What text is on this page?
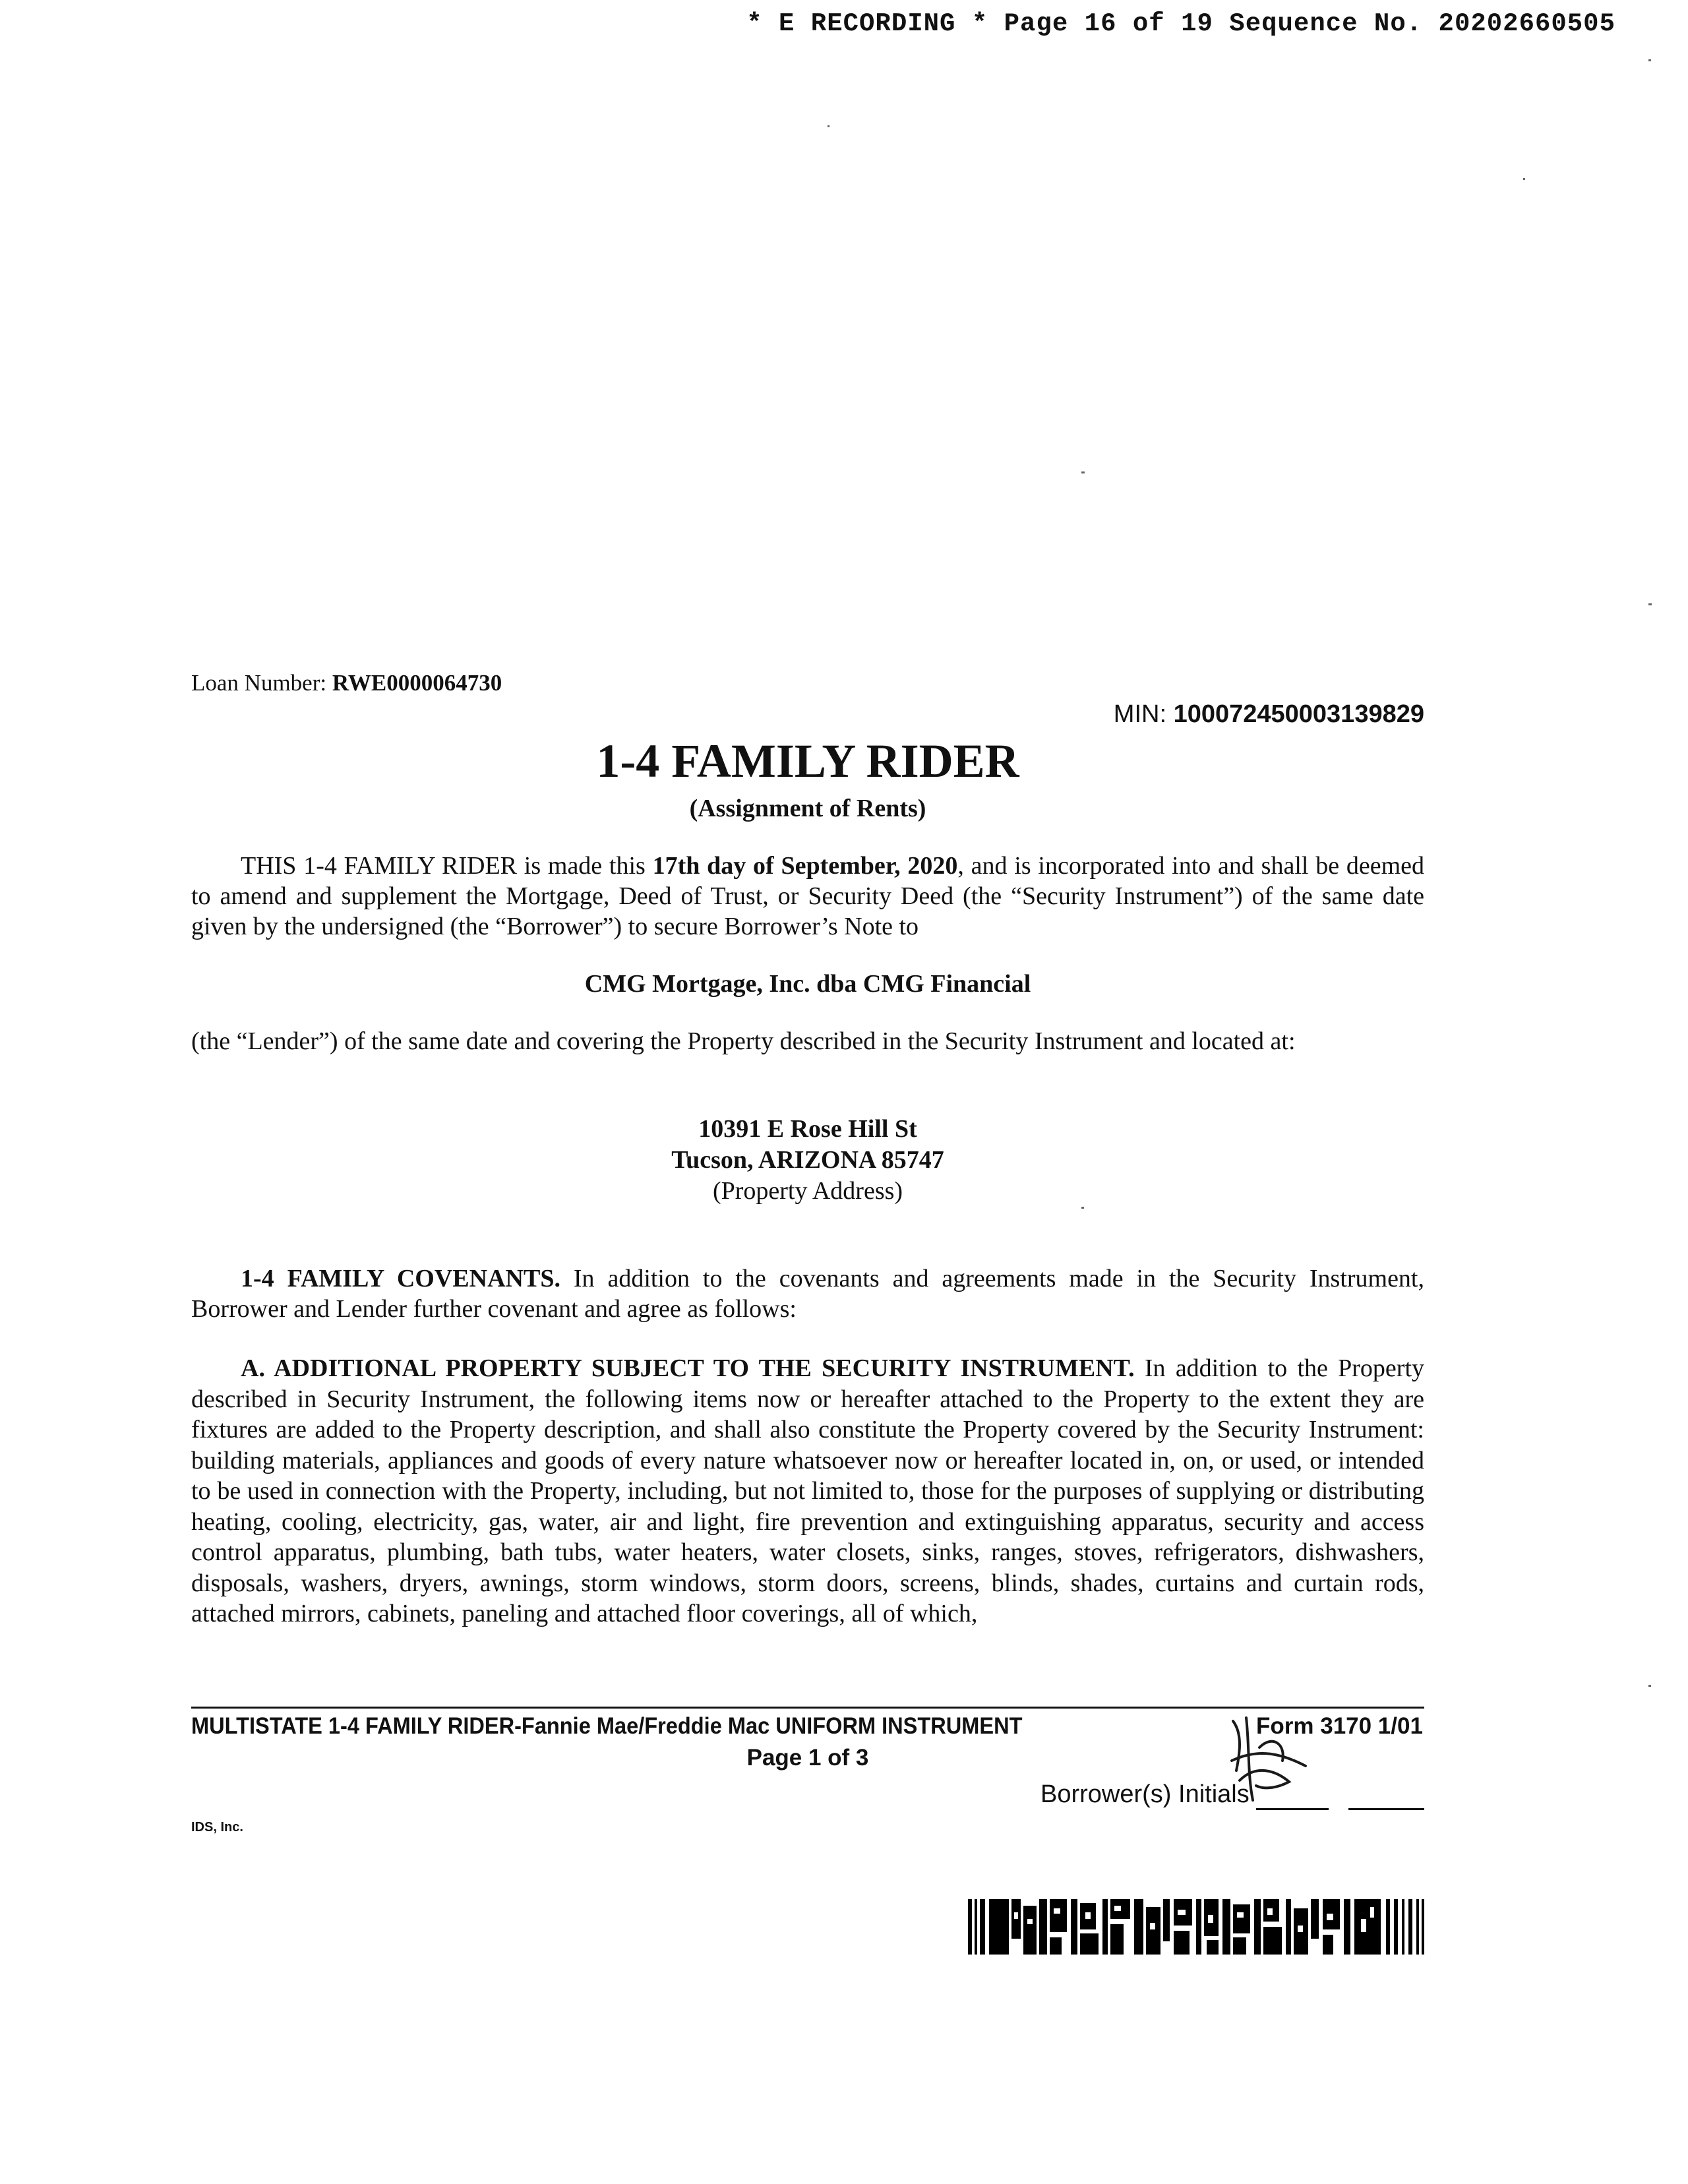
* E RECORDING * Page 16 of 19 Sequence No. 20202660505
Loan Number: RWE0000064730
MIN: 100072450003139829
1-4 FAMILY RIDER
(Assignment of Rents)
THIS 1-4 FAMILY RIDER is made this 17th day of September, 2020, and is incorporated into and shall be deemed to amend and supplement the Mortgage, Deed of Trust, or Security Deed (the “Security Instrument”) of the same date given by the undersigned (the “Borrower”) to secure Borrower’s Note to
CMG Mortgage, Inc. dba CMG Financial
(the “Lender”) of the same date and covering the Property described in the Security Instrument and located at:
10391 E Rose Hill St
Tucson, ARIZONA 85747
(Property Address)
1-4 FAMILY COVENANTS. In addition to the covenants and agreements made in the Security Instrument, Borrower and Lender further covenant and agree as follows:
A. ADDITIONAL PROPERTY SUBJECT TO THE SECURITY INSTRUMENT. In addition to the Property described in Security Instrument, the following items now or hereafter attached to the Property to the extent they are fixtures are added to the Property description, and shall also constitute the Property covered by the Security Instrument: building materials, appliances and goods of every nature whatsoever now or hereafter located in, on, or used, or intended to be used in connection with the Property, including, but not limited to, those for the purposes of supplying or distributing heating, cooling, electricity, gas, water, air and light, fire prevention and extinguishing apparatus, security and access control apparatus, plumbing, bath tubs, water heaters, water closets, sinks, ranges, stoves, refrigerators, dishwashers, disposals, washers, dryers, awnings, storm windows, storm doors, screens, blinds, shades, curtains and curtain rods, attached mirrors, cabinets, paneling and attached floor coverings, all of which,
MULTISTATE 1-4 FAMILY RIDER-Fannie Mae/Freddie Mac UNIFORM INSTRUMENT	Form 3170 1/01
Page 1 of 3
Borrower(s) Initials
IDS, Inc.
